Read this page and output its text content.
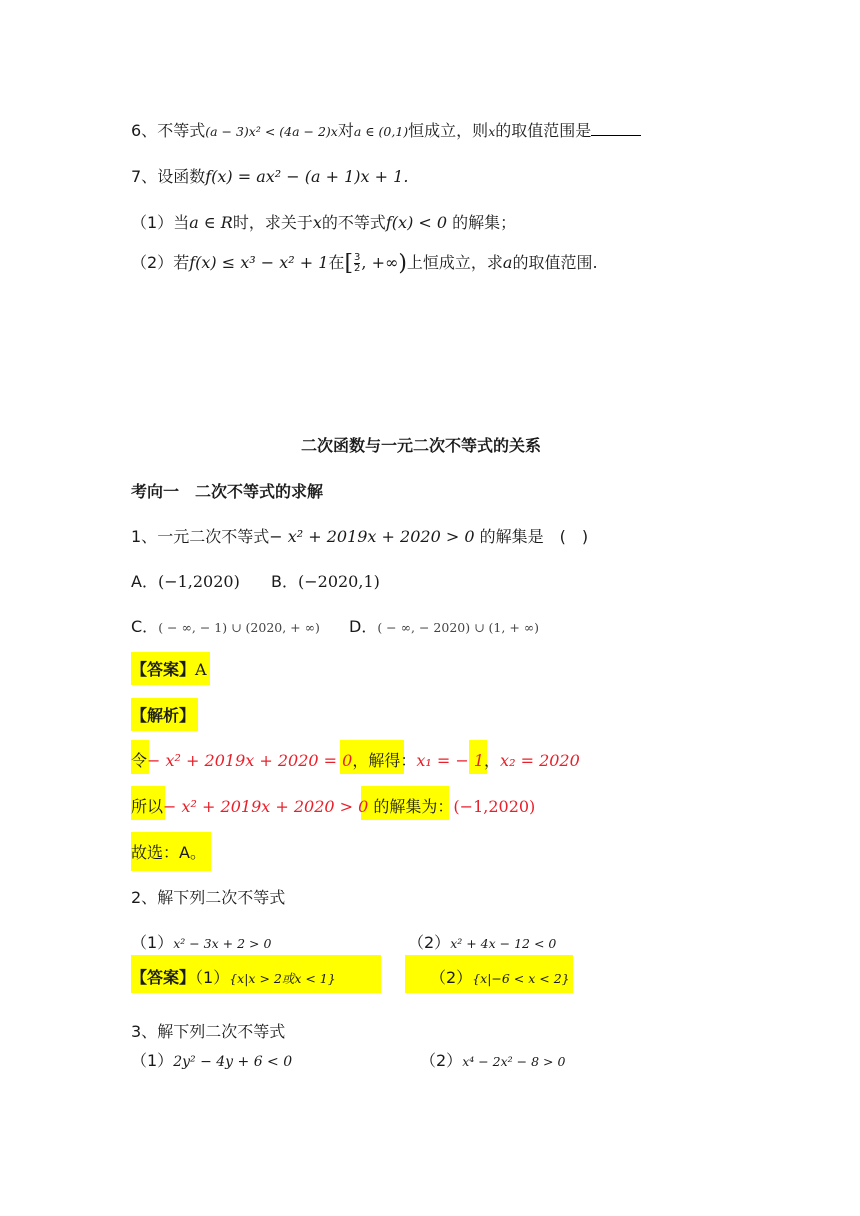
6、不等式(a − 3)x² < (4a − 2)x对a ∈ (0,1)恒成立，则x的取值范围是
7、设函数f(x) = ax² − (a + 1)x + 1.
（1）当a ∈ R时，求关于x的不等式f(x) < 0 的解集；
（2）若f(x) ≤ x³ − x² + 1在[ $\frac{3}{2}$ , +∞)上恒成立，求a的取值范围.
二次函数与一元二次不等式的关系
考向一　二次不等式的求解
1、一元二次不等式− x² + 2019x + 2020 > 0 的解集是　(　)
A．(−1,2020) B．(−2020,1)
C．( − ∞, − 1) ∪ (2020, + ∞) D．( − ∞, − 2020) ∪ (1, + ∞)
【答案】A
【解析】
令− x² + 2019x + 2020 = 0，解得：x₁ = − 1，x₂ = 2020
所以− x² + 2019x + 2020 > 0 的解集为：(−1,2020)
故选：A。
2、解下列二次不等式
（1）x² − 3x + 2 > 0	（2）x² + 4x − 12 < 0
【答案】（1）{x|x > 2或x < 1}	（2）{x|−6 < x < 2}
3、解下列二次不等式
（1）2y² − 4y + 6 < 0	（2）x⁴ − 2x² − 8 > 0
